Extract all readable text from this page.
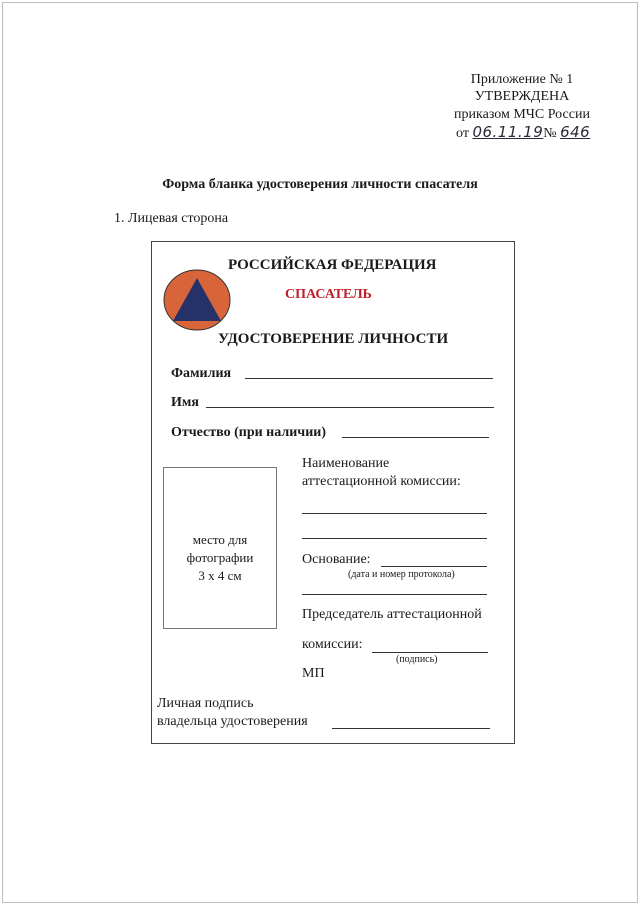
Приложение № 1
УТВЕРЖДЕНА
приказом МЧС России
от 06.11.19№ 646
Форма бланка удостоверения личности спасателя
1. Лицевая сторона
РОССИЙСКАЯ ФЕДЕРАЦИЯ
СПАСАТЕЛЬ
УДОСТОВЕРЕНИЕ ЛИЧНОСТИ
Фамилия
Имя
Отчество (при наличии)
место для
фотографии
3 х 4 см
Наименование
аттестационной комиссии:
Основание:
(дата и номер протокола)
Председатель аттестационной
комиссии:
(подпись)
МП
Личная подпись
владельца удостоверения
